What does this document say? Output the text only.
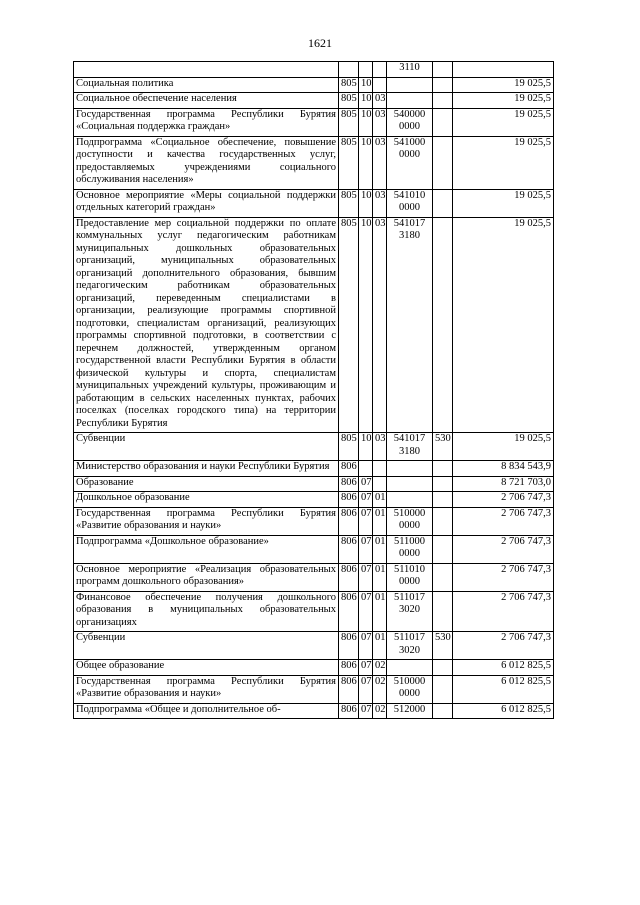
1621
				3110		
Социальная политика	805	10				19 025,5
Социальное обеспечение населения	805	10	03			19 025,5
Государственная программа Республики Бурятия «Социальная поддержка граждан»	805	10	03	540000 0000		19 025,5
Подпрограмма «Социальное обеспечение, повышение доступности и качества государственных услуг, предоставляемых учреждениями социального обслуживания населения»	805	10	03	541000 0000		19 025,5
Основное мероприятие «Меры социальной поддержки отдельных категорий граждан»	805	10	03	541010 0000		19 025,5
Предоставление мер социальной поддержки по оплате коммунальных услуг педагогическим работникам муниципальных дошкольных образовательных организаций, муниципальных образовательных организаций дополнительного образования, бывшим педагогическим работникам образовательных организаций, переведенным специалистами в организации, реализующие программы спортивной подготовки, специалистам организаций, реализующих программы спортивной подготовки, в соответствии с перечнем должностей, утвержденным органом государственной власти Республики Бурятия в области физической культуры и спорта, специалистам муниципальных учреждений культуры, проживающим и работающим в сельских населенных пунктах, рабочих поселках (поселках городского типа) на территории Республики Бурятия	805	10	03	541017 3180		19 025,5
Субвенции	805	10	03	541017 3180	530	19 025,5
Министерство образования и науки Республики Бурятия	806					8 834 543,9
Образование	806	07				8 721 703,0
Дошкольное образование	806	07	01			2 706 747,3
Государственная программа Республики Бурятия «Развитие образования и науки»	806	07	01	510000 0000		2 706 747,3
Подпрограмма «Дошкольное образование»	806	07	01	511000 0000		2 706 747,3
Основное мероприятие «Реализация образовательных программ дошкольного образования»	806	07	01	511010 0000		2 706 747,3
Финансовое обеспечение получения дошкольного образования в муниципальных образовательных организациях	806	07	01	511017 3020		2 706 747,3
Субвенции	806	07	01	511017 3020	530	2 706 747,3
Общее образование	806	07	02			6 012 825,5
Государственная программа Республики Бурятия «Развитие образования и науки»	806	07	02	510000 0000		6 012 825,5
Подпрограмма «Общее и дополнительное об-	806	07	02	512000		6 012 825,5
